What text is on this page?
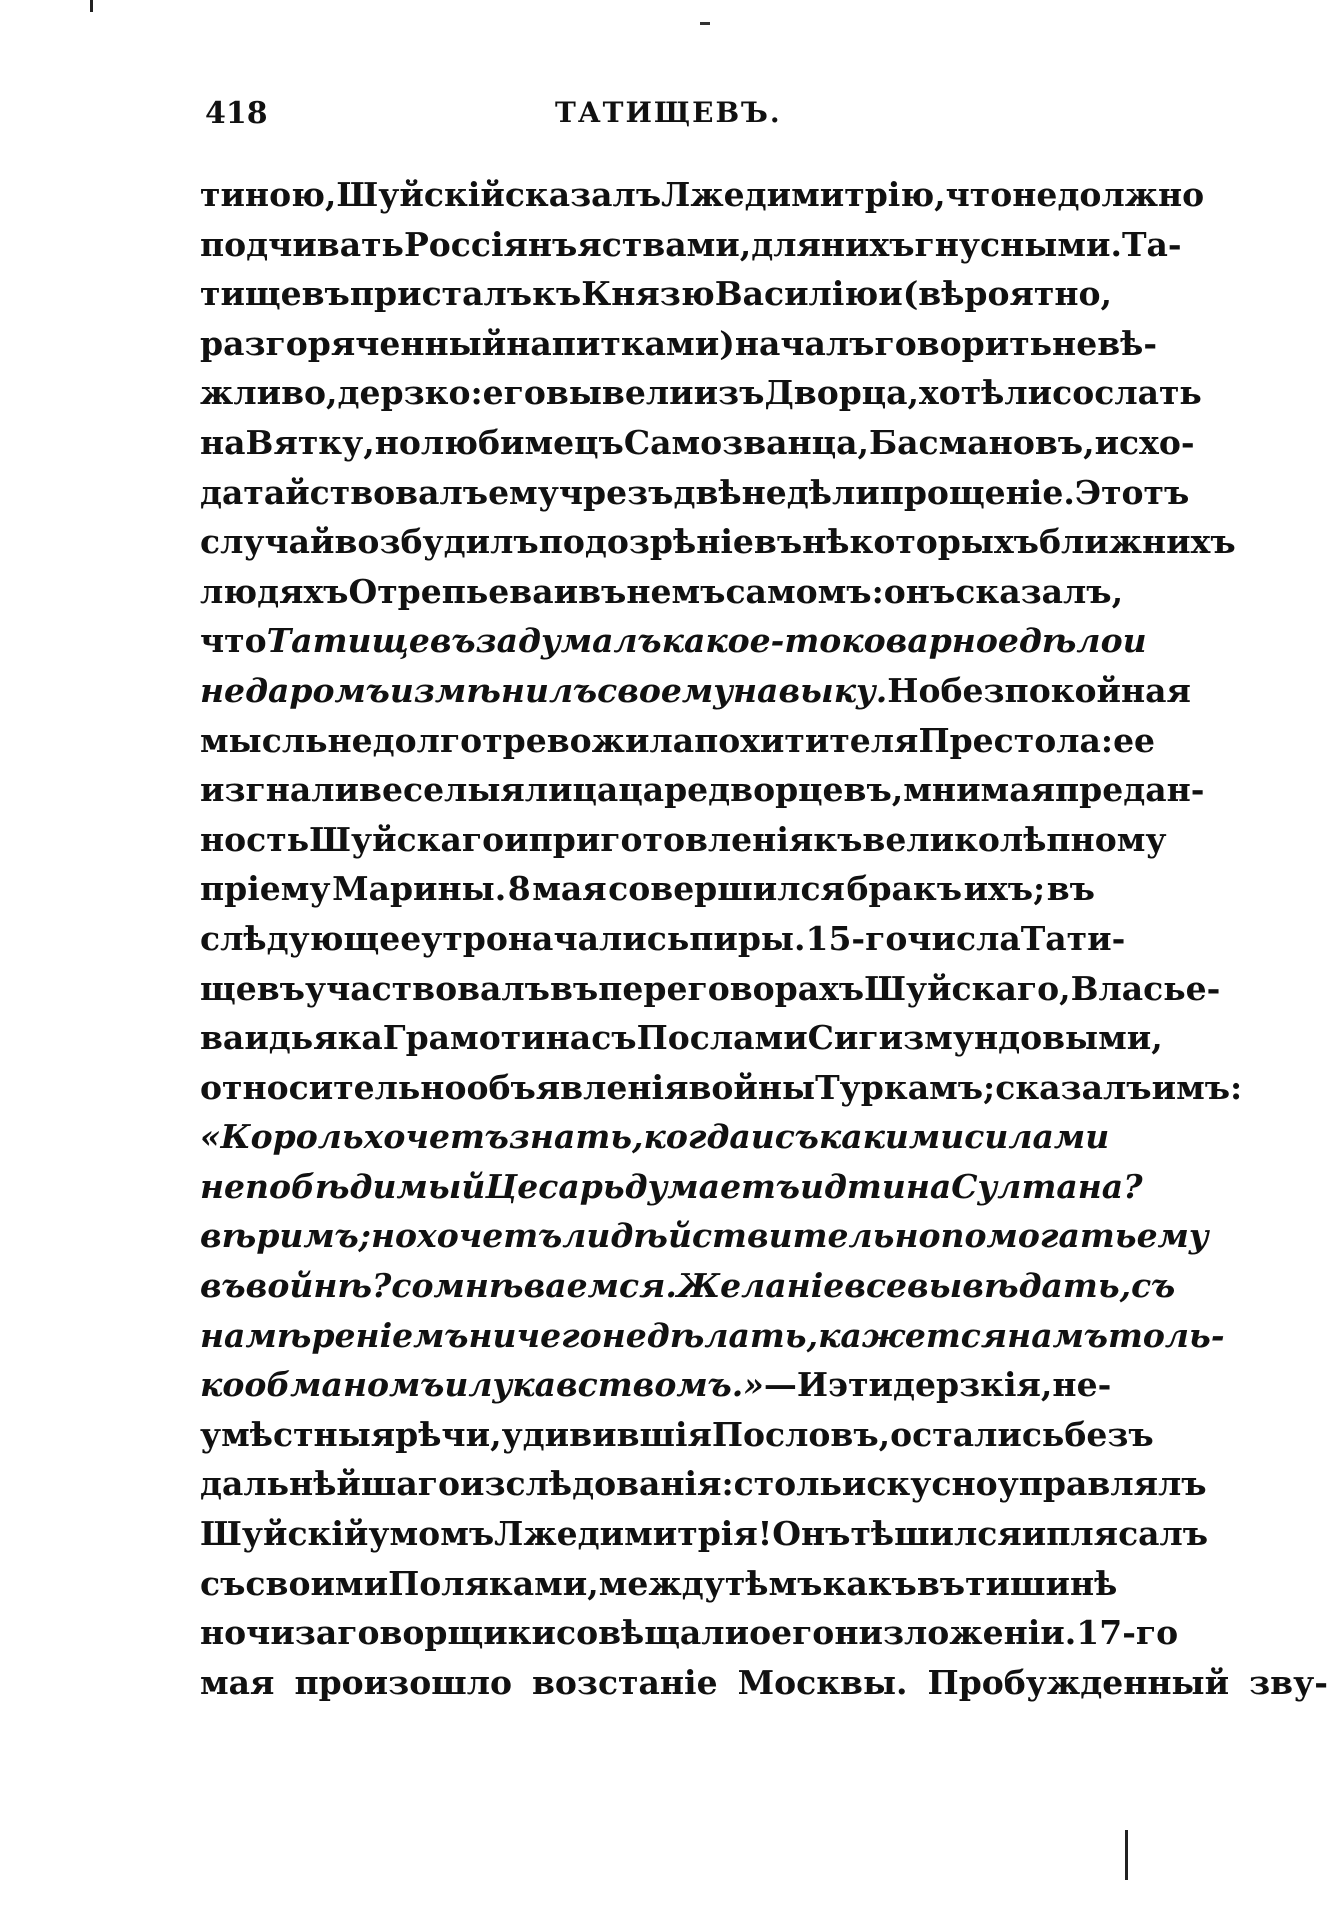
418	ТАТИЩЕВЪ.
тиною, Шуйскій сказалъ Лжедимитрію, что не должно
подчивать Россіянъ яствами, для нихъ гнусными. Та-
тищевъ присталъ къ Князю Василію и (вѣроятно,
разгоряченный напитками) началъ говорить невѣ-
жливо, дерзко: его вывели изъ Дворца, хотѣли сослать
на Вятку, но любимецъ Самозванца, Басмановъ, исхо-
датайствовалъ ему чрезъ двѣ недѣли прощеніе. Этотъ
случай возбудилъ подозрѣніе въ нѣкоторыхъ ближнихъ
людяхъ Отрепьева и въ немъ самомъ: онъ сказалъ,
что Татищевъ задумалъ какое-то коварное дѣло и
не даромъ измѣнилъ своему навыку. Но безпокойная
мысль не долго тревожила похитителя Престола: ее
изгнали веселыя лица царедворцевъ, мнимая предан-
ность Шуйскаго и приготовленія къ великолѣпному
пріему Марины. 8 мая совершился бракъ ихъ; въ
слѣдующее утро начались пиры. 15-го числа Тати-
щевъ участвовалъ въ переговорахъ Шуйскаго, Власье-
ва и дьяка Грамотина съ Послами Сигизмундовыми,
относительно объявленія войны Туркамъ; сказалъ имъ:
«Король хочетъ знать, когда и съ какими силами
непобѣдимый Цесарь думаетъ идти на Султана?
вѣримъ; но хочетъ ли дѣйствительно помогать ему
въ войнѣ? сомнѣваемся. Желаніе все вывѣдать, съ
намѣреніемъ ничего не дѣлать, кажется намъ толь-
ко обманомъ и лукавствомъ.» — И эти дерзкія, не-
умѣстныя рѣчи, удивившія Пословъ, остались безъ
дальнѣйшаго изслѣдованія: столь искусно управлялъ
Шуйскій умомъ Лжедимитрія! Онъ тѣшился и плясалъ
съ своими Поляками, между тѣмъ какъ въ тишинѣ
ночи заговорщики совѣщали о его низложеніи. 17-го
мая произошло возстаніе Москвы. Пробужденный зву-
